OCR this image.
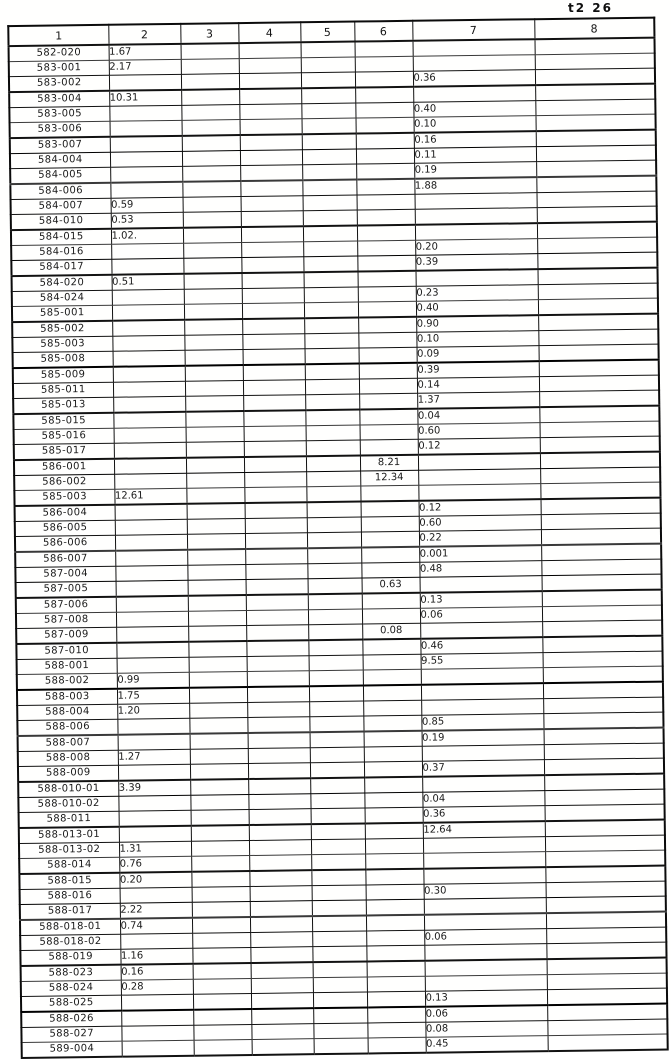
t2 26
1	2	3	4	5	6	7	8
582-020	1.67						
583-001	2.17						
583-002						0.36	
583-004	10.31						
583-005						0.40	
583-006						0.10	
583-007						0.16	
584-004						0.11	
584-005						0.19	
584-006						1.88	
584-007	0.59						
584-010	0.53						
584-015	1.02.						
584-016						0.20	
584-017						0.39	
584-020	0.51						
584-024						0.23	
585-001						0.40	
585-002						0.90	
585-003						0.10	
585-008						0.09	
585-009						0.39	
585-011						0.14	
585-013						1.37	
585-015						0.04	
585-016						0.60	
585-017						0.12	
586-001					8.21		
586-002					12.34		
585-003	12.61						
586-004						0.12	
586-005						0.60	
586-006						0.22	
586-007						0.001	
587-004						0.48	
587-005					0.63		
587-006						0.13	
587-008						0.06	
587-009					0.08		
587-010						0.46	
588-001						9.55	
588-002	0.99						
588-003	1.75						
588-004	1.20						
588-006						0.85	
588-007						0.19	
588-008	1.27						
588-009						0.37	
588-010-01	3.39						
588-010-02						0.04	
588-011						0.36	
588-013-01						12.64	
588-013-02	1.31						
588-014	0.76						
588-015	0.20						
588-016						0.30	
588-017	2.22						
588-018-01	0.74						
588-018-02						0.06	
588-019	1.16						
588-023	0.16						
588-024	0.28						
588-025						0.13	
588-026						0.06	
588-027						0.08	
589-004						0.45	
